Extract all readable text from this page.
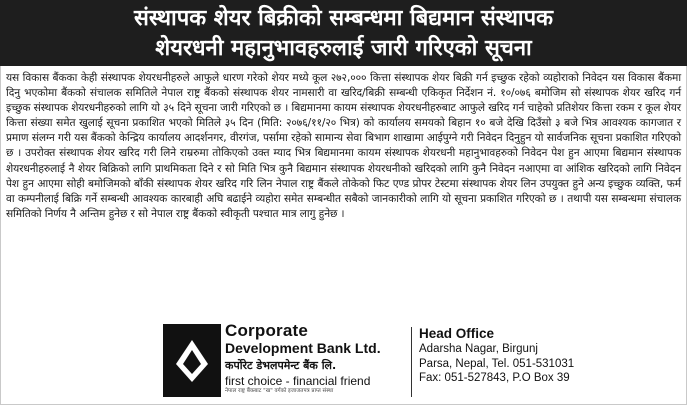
संस्थापक शेयर बिक्रीको सम्बन्धमा बिद्यमान संस्थापक
शेयरधनी महानुभावहरुलाई जारी गरिएको सूचना
यस विकास बैंकका केही संस्थापक शेयरधनीहरुले आफुले धारण गरेको शेयर मध्ये कूल २७२,००० कित्ता संस्थापक शेयर बिक्री गर्न इच्छुक रहेको व्यहोराको निवेदन यस विकास बैंकमा दिनु भएकोमा बैंकको संचालक समितिले नेपाल राष्ट्र बैंकको संस्थापक शेयर नामसारी वा खरिद/बिक्री सम्बन्धी एकिकृत निर्देशन नं. १०/०७६ बमोजिम सो संस्थापक शेयर खरिद गर्न इच्छुक संस्थापक शेयरधनीहरुको लागि यो ३५ दिने सूचना जारी गरिएको छ । बिद्यमानमा कायम संस्थापक शेयरधनीहरुबाट आफुले खरिद गर्न चाहेको प्रतिशेयर कित्ता रकम र कूल शेयर कित्ता संख्या समेत खुलाई सूचना प्रकाशित भएको मितिले ३५ दिन (मिति: २०७६/११/२० भित्र) को कार्यालय समयको बिहान १० बजे देखि दिउँसो ३ बजे भित्र आवश्यक कागजात र प्रमाण संलग्न गरी यस बैंकको केन्द्रिय कार्यालय आदर्शनगर, वीरगंज, पर्सामा रहेको सामान्य सेवा बिभाग शाखामा आईपुग्ने गरी निवेदन दिनुहुन यो सार्वजनिक सूचना प्रकाशित गरिएको छ । उपरोक्त संस्थापक शेयर खरिद गरी लिने राम्ररुमा तोकिएको उक्त म्याद भित्र बिद्यमानमा कायम संस्थापक शेयरधनी महानुभावहरुको निवेदन पेश हुन आएमा बिद्यमान संस्थापक शेयरधनीहरुलाई नै शेयर बिक्रिको लागि प्राथमिकता दिने र सो मिति भित्र कुनै बिद्यमान संस्थापक शेयरधनीको खरिदको लागि कुनै निवेदन नआएमा वा आंशिक खरिदको लागि निवेदन पेश हुन आएमा सोही बमोजिमको बाँकी संस्थापक शेयर खरिद गरि लिन नेपाल राष्ट्र बैंकले तोकेको फिट एण्ड प्रोपर टेस्टमा संस्थापक शेयर लिन उपयुक्त हुने अन्य इच्छुक व्यक्ति, फर्म वा कम्पनीलाई बिक्रि गर्ने सम्बन्धी आवश्यक कारबाही अघि बढाईने व्यहोरा समेत सम्बन्धीत सबैको जानकारीको लागि यो सूचना प्रकाशित गरिएको छ । तथापी यस सम्बन्धमा संचालक समितिको निर्णय नै अन्तिम हुनेछ र सो नेपाल राष्ट्र बैंकको स्वीकृती पश्चात मात्र लागु हुनेछ ।
Corporate
Development Bank Ltd.
कर्पोरेट डेभलपमेन्ट बैंक लि.
first choice - financial friend
नेपाल राष्ट्र बैंकबाट "ख" वर्गको इजाजतपत्र प्राप्त संस्था
Head Office
Adarsha Nagar, Birgunj
Parsa, Nepal, Tel. 051-531031
Fax: 051-527843, P.O Box 39
